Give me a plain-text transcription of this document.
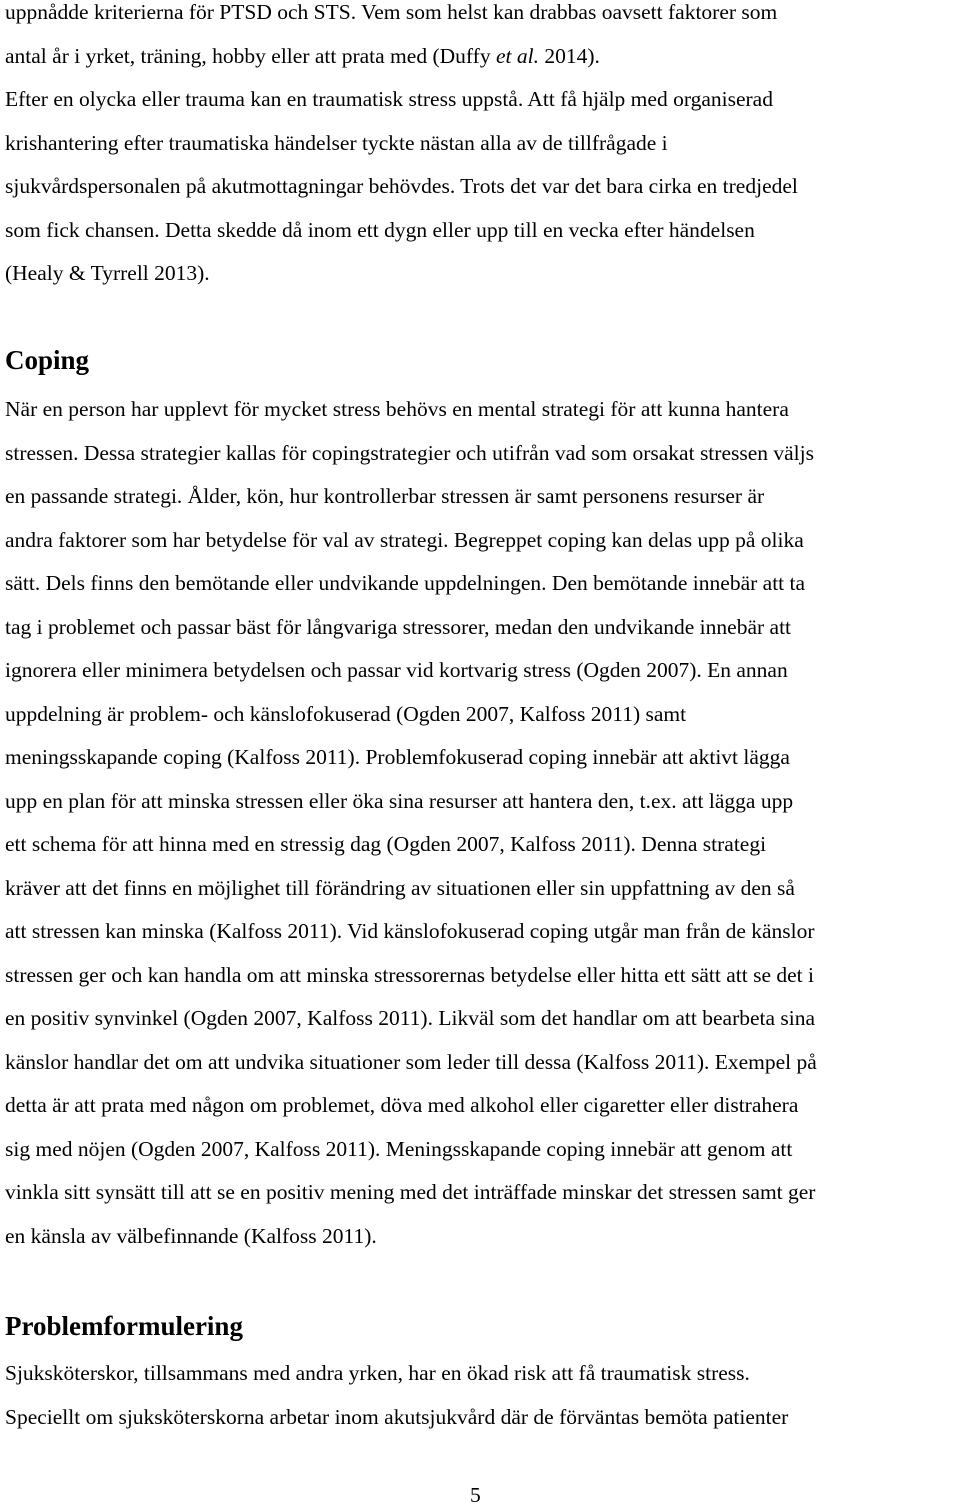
uppnådde kriterierna för PTSD och STS. Vem som helst kan drabbas oavsett faktorer som
antal år i yrket, träning, hobby eller att prata med (Duffy et al. 2014).
Efter en olycka eller trauma kan en traumatisk stress uppstå. Att få hjälp med organiserad
krishantering efter traumatiska händelser tyckte nästan alla av de tillfrågade i
sjukvårdspersonalen på akutmottagningar behövdes. Trots det var det bara cirka en tredjedel
som fick chansen. Detta skedde då inom ett dygn eller upp till en vecka efter händelsen
(Healy & Tyrrell 2013).
Coping
När en person har upplevt för mycket stress behövs en mental strategi för att kunna hantera
stressen. Dessa strategier kallas för copingstrategier och utifrån vad som orsakat stressen väljs
en passande strategi. Ålder, kön, hur kontrollerbar stressen är samt personens resurser är
andra faktorer som har betydelse för val av strategi. Begreppet coping kan delas upp på olika
sätt. Dels finns den bemötande eller undvikande uppdelningen. Den bemötande innebär att ta
tag i problemet och passar bäst för långvariga stressorer, medan den undvikande innebär att
ignorera eller minimera betydelsen och passar vid kortvarig stress (Ogden 2007). En annan
uppdelning är problem- och känslofokuserad (Ogden 2007, Kalfoss 2011) samt
meningsskapande coping (Kalfoss 2011). Problemfokuserad coping innebär att aktivt lägga
upp en plan för att minska stressen eller öka sina resurser att hantera den, t.ex. att lägga upp
ett schema för att hinna med en stressig dag (Ogden 2007, Kalfoss 2011). Denna strategi
kräver att det finns en möjlighet till förändring av situationen eller sin uppfattning av den så
att stressen kan minska (Kalfoss 2011). Vid känslofokuserad coping utgår man från de känslor
stressen ger och kan handla om att minska stressorernas betydelse eller hitta ett sätt att se det i
en positiv synvinkel (Ogden 2007, Kalfoss 2011). Likväl som det handlar om att bearbeta sina
känslor handlar det om att undvika situationer som leder till dessa (Kalfoss 2011). Exempel på
detta är att prata med någon om problemet, döva med alkohol eller cigaretter eller distrahera
sig med nöjen (Ogden 2007, Kalfoss 2011). Meningsskapande coping innebär att genom att
vinkla sitt synsätt till att se en positiv mening med det inträffade minskar det stressen samt ger
en känsla av välbefinnande (Kalfoss 2011).
Problemformulering
Sjuksköterskor, tillsammans med andra yrken, har en ökad risk att få traumatisk stress.
Speciellt om sjuksköterskorna arbetar inom akutsjukvård där de förväntas bemöta patienter
5
